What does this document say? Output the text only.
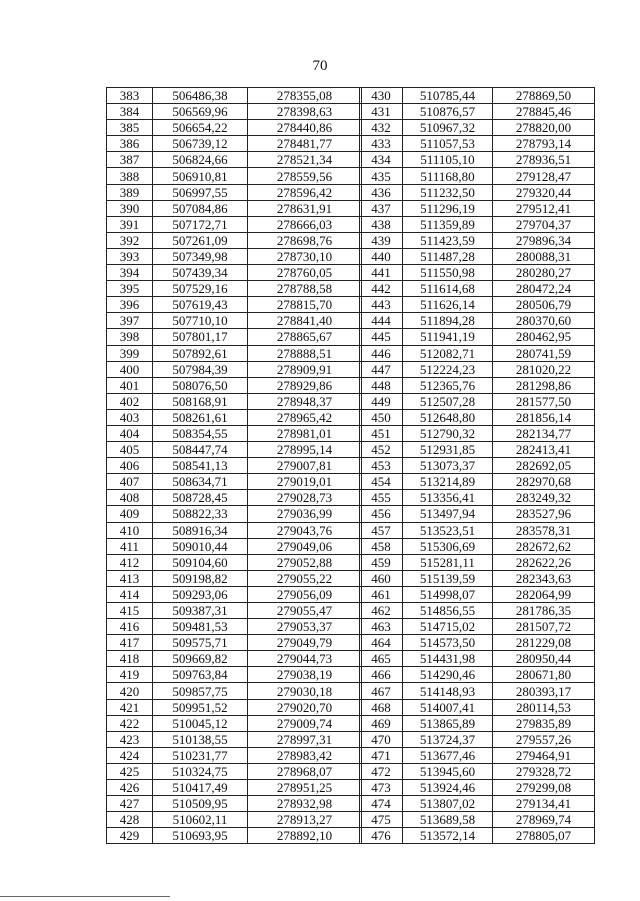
70
383	506486,38	278355,08
384	506569,96	278398,63
385	506654,22	278440,86
386	506739,12	278481,77
387	506824,66	278521,34
388	506910,81	278559,56
389	506997,55	278596,42
390	507084,86	278631,91
391	507172,71	278666,03
392	507261,09	278698,76
393	507349,98	278730,10
394	507439,34	278760,05
395	507529,16	278788,58
396	507619,43	278815,70
397	507710,10	278841,40
398	507801,17	278865,67
399	507892,61	278888,51
400	507984,39	278909,91
401	508076,50	278929,86
402	508168,91	278948,37
403	508261,61	278965,42
404	508354,55	278981,01
405	508447,74	278995,14
406	508541,13	279007,81
407	508634,71	279019,01
408	508728,45	279028,73
409	508822,33	279036,99
410	508916,34	279043,76
411	509010,44	279049,06
412	509104,60	279052,88
413	509198,82	279055,22
414	509293,06	279056,09
415	509387,31	279055,47
416	509481,53	279053,37
417	509575,71	279049,79
418	509669,82	279044,73
419	509763,84	279038,19
420	509857,75	279030,18
421	509951,52	279020,70
422	510045,12	279009,74
423	510138,55	278997,31
424	510231,77	278983,42
425	510324,75	278968,07
426	510417,49	278951,25
427	510509,95	278932,98
428	510602,11	278913,27
429	510693,95	278892,10
430	510785,44	278869,50
431	510876,57	278845,46
432	510967,32	278820,00
433	511057,53	278793,14
434	511105,10	278936,51
435	511168,80	279128,47
436	511232,50	279320,44
437	511296,19	279512,41
438	511359,89	279704,37
439	511423,59	279896,34
440	511487,28	280088,31
441	511550,98	280280,27
442	511614,68	280472,24
443	511626,14	280506,79
444	511894,28	280370,60
445	511941,19	280462,95
446	512082,71	280741,59
447	512224,23	281020,22
448	512365,76	281298,86
449	512507,28	281577,50
450	512648,80	281856,14
451	512790,32	282134,77
452	512931,85	282413,41
453	513073,37	282692,05
454	513214,89	282970,68
455	513356,41	283249,32
456	513497,94	283527,96
457	513523,51	283578,31
458	515306,69	282672,62
459	515281,11	282622,26
460	515139,59	282343,63
461	514998,07	282064,99
462	514856,55	281786,35
463	514715,02	281507,72
464	514573,50	281229,08
465	514431,98	280950,44
466	514290,46	280671,80
467	514148,93	280393,17
468	514007,41	280114,53
469	513865,89	279835,89
470	513724,37	279557,26
471	513677,46	279464,91
472	513945,60	279328,72
473	513924,46	279299,08
474	513807,02	279134,41
475	513689,58	278969,74
476	513572,14	278805,07
